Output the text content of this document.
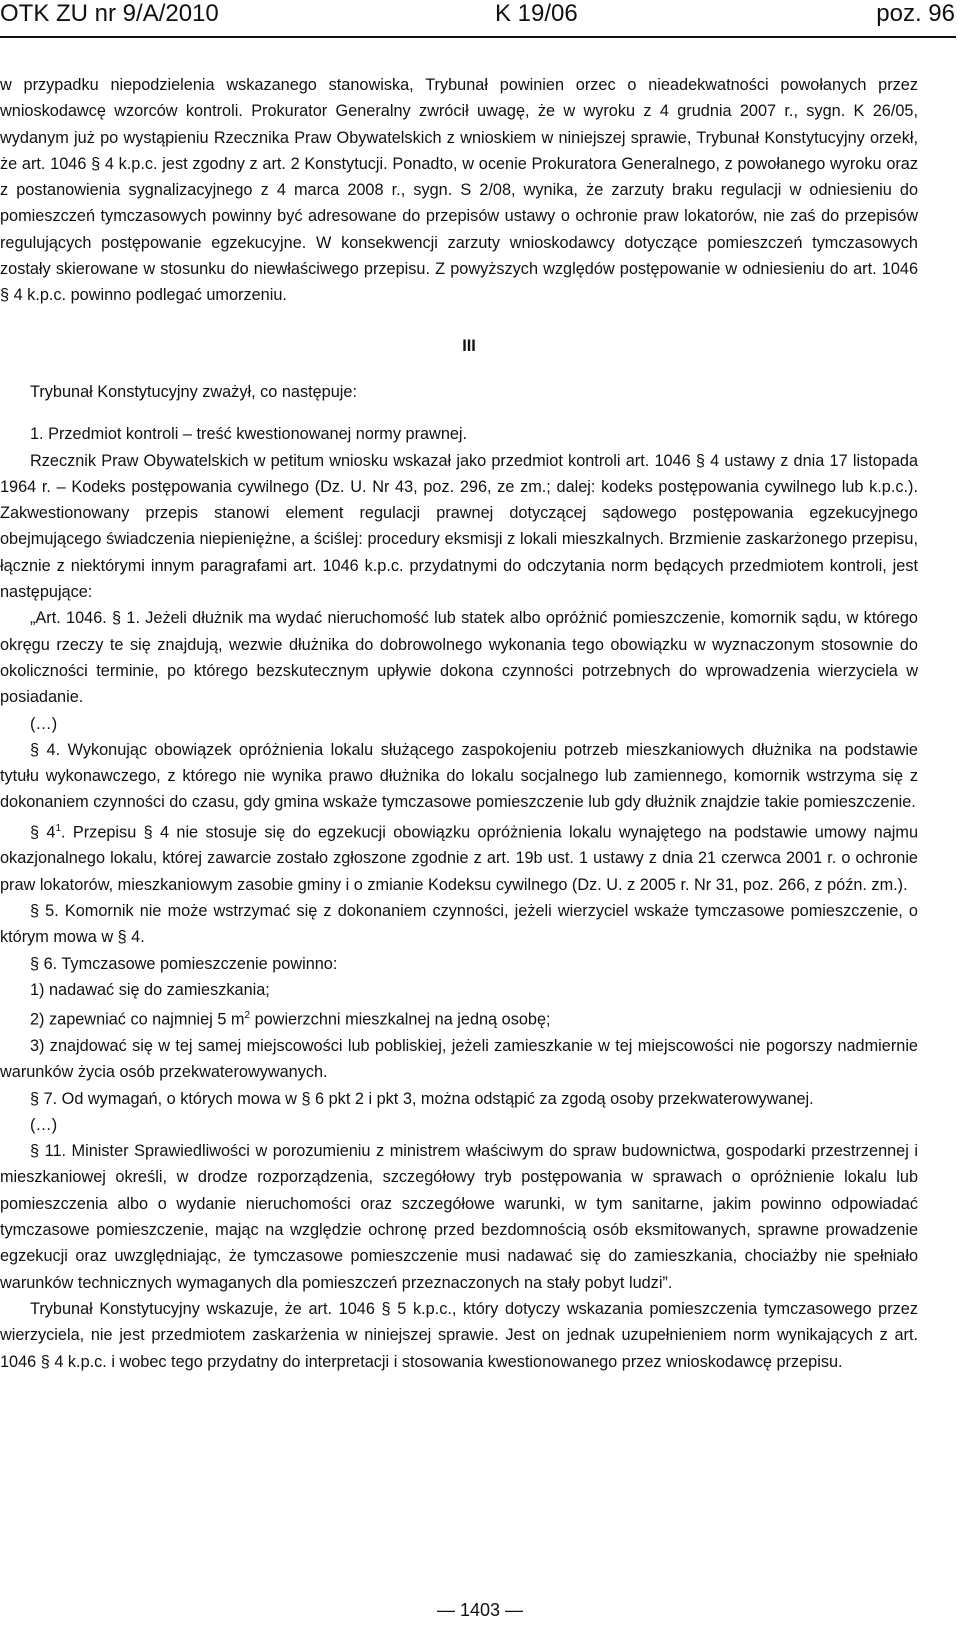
OTK ZU nr 9/A/2010	K 19/06	poz. 96

w przypadku niepodzielenia wskazanego stanowiska, Trybunał powinien orzec o nieadekwatności powołanych przez wnioskodawcę wzorców kontroli. Prokurator Generalny zwrócił uwagę, że w wyroku z 4 grudnia 2007 r., sygn. K 26/05, wydanym już po wystąpieniu Rzecznika Praw Obywatelskich z wnioskiem w niniejszej sprawie, Trybunał Konstytucyjny orzekł, że art. 1046 § 4 k.p.c. jest zgodny z art. 2 Konstytucji. Ponadto, w ocenie Prokuratora Generalnego, z powołanego wyroku oraz z postanowienia sygnalizacyjnego z 4 marca 2008 r., sygn. S 2/08, wynika, że zarzuty braku regulacji w odniesieniu do pomieszczeń tymczasowych powinny być adresowane do przepisów ustawy o ochronie praw lokatorów, nie zaś do przepisów regulujących postępowanie egzekucyjne. W konsekwencji zarzuty wnioskodawcy dotyczące pomieszczeń tymczasowych zostały skierowane w stosunku do niewłaściwego przepisu. Z powyższych względów postępowanie w odniesieniu do art. 1046 § 4 k.p.c. powinno podlegać umorzeniu.

III

Trybunał Konstytucyjny zważył, co następuje:

1. Przedmiot kontroli – treść kwestionowanej normy prawnej.

Rzecznik Praw Obywatelskich w petitum wniosku wskazał jako przedmiot kontroli art. 1046 § 4 ustawy z dnia 17 listopada 1964 r. – Kodeks postępowania cywilnego (Dz. U. Nr 43, poz. 296, ze zm.; dalej: kodeks postępowania cywilnego lub k.p.c.). Zakwestionowany przepis stanowi element regulacji prawnej dotyczącej sądowego postępowania egzekucyjnego obejmującego świadczenia niepieniężne, a ściślej: procedury eksmisji z lokali mieszkalnych. Brzmienie zaskarżonego przepisu, łącznie z niektórymi innym paragrafami art. 1046 k.p.c. przydatnymi do odczytania norm będących przedmiotem kontroli, jest następujące:

„Art. 1046. § 1. Jeżeli dłużnik ma wydać nieruchomość lub statek albo opróżnić pomieszczenie, komornik sądu, w którego okręgu rzeczy te się znajdują, wezwie dłużnika do dobrowolnego wykonania tego obowiązku w wyznaczonym stosownie do okoliczności terminie, po którego bezskutecznym upływie dokona czynności potrzebnych do wprowadzenia wierzyciela w posiadanie.

(…)

§ 4. Wykonując obowiązek opróżnienia lokalu służącego zaspokojeniu potrzeb mieszkaniowych dłużnika na podstawie tytułu wykonawczego, z którego nie wynika prawo dłużnika do lokalu socjalnego lub zamiennego, komornik wstrzyma się z dokonaniem czynności do czasu, gdy gmina wskaże tymczasowe pomieszczenie lub gdy dłużnik znajdzie takie pomieszczenie.

§ $4^1$. Przepisu § 4 nie stosuje się do egzekucji obowiązku opróżnienia lokalu wynajętego na podstawie umowy najmu okazjonalnego lokalu, której zawarcie zostało zgłoszone zgodnie z art. 19b ust. 1 ustawy z dnia 21 czerwca 2001 r. o ochronie praw lokatorów, mieszkaniowym zasobie gminy i o zmianie Kodeksu cywilnego (Dz. U. z 2005 r. Nr 31, poz. 266, z późn. zm.).

§ 5. Komornik nie może wstrzymać się z dokonaniem czynności, jeżeli wierzyciel wskaże tymczasowe pomieszczenie, o którym mowa w § 4.

§ 6. Tymczasowe pomieszczenie powinno:

1) nadawać się do zamieszkania;

2) zapewniać co najmniej 5 $m^2$ powierzchni mieszkalnej na jedną osobę;

3) znajdować się w tej samej miejscowości lub pobliskiej, jeżeli zamieszkanie w tej miejscowości nie pogorszy nadmiernie warunków życia osób przekwaterowywanych.

§ 7. Od wymagań, o których mowa w § 6 pkt 2 i pkt 3, można odstąpić za zgodą osoby przekwaterowywanej.

(…)

§ 11. Minister Sprawiedliwości w porozumieniu z ministrem właściwym do spraw budownictwa, gospodarki przestrzennej i mieszkaniowej określi, w drodze rozporządzenia, szczegółowy tryb postępowania w sprawach o opróżnienie lokalu lub pomieszczenia albo o wydanie nieruchomości oraz szczegółowe warunki, w tym sanitarne, jakim powinno odpowiadać tymczasowe pomieszczenie, mając na względzie ochronę przed bezdomnością osób eksmitowanych, sprawne prowadzenie egzekucji oraz uwzględniając, że tymczasowe pomieszczenie musi nadawać się do zamieszkania, chociażby nie spełniało warunków technicznych wymaganych dla pomieszczeń przeznaczonych na stały pobyt ludzi”.

Trybunał Konstytucyjny wskazuje, że art. 1046 § 5 k.p.c., który dotyczy wskazania pomieszczenia tymczasowego przez wierzyciela, nie jest przedmiotem zaskarżenia w niniejszej sprawie. Jest on jednak uzupełnieniem norm wynikających z art. 1046 § 4 k.p.c. i wobec tego przydatny do interpretacji i stosowania kwestionowanego przez wnioskodawcę przepisu.

— 1403 —
